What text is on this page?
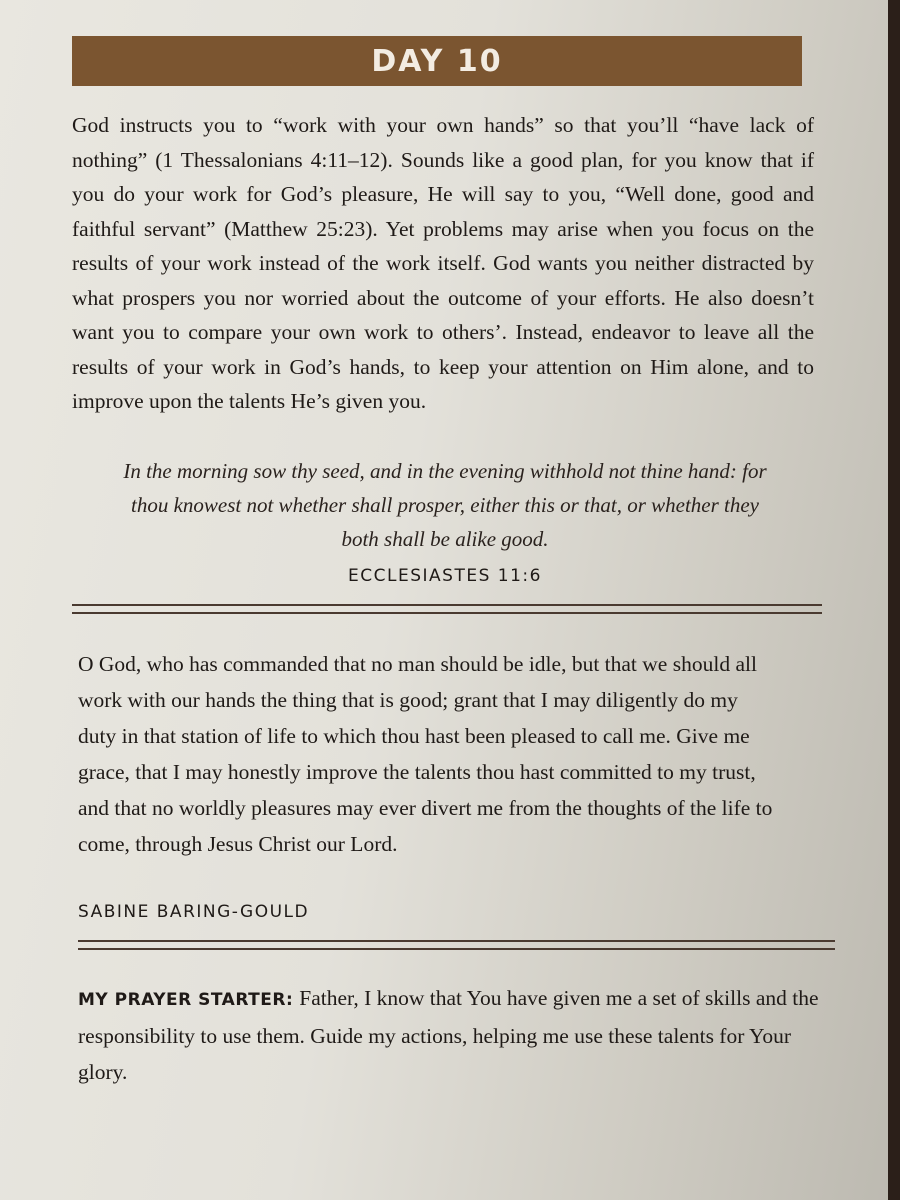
DAY 10

God instructs you to “work with your own hands” so that you’ll “have lack of nothing” (1 Thessalonians 4:11–12). Sounds like a good plan, for you know that if you do your work for God’s pleasure, He will say to you, “Well done, good and faithful servant” (Matthew 25:23). Yet problems may arise when you focus on the results of your work instead of the work itself. God wants you neither distracted by what prospers you nor worried about the outcome of your efforts. He also doesn’t want you to compare your own work to others’. Instead, endeavor to leave all the results of your work in God’s hands, to keep your attention on Him alone, and to improve upon the talents He’s given you.

In the morning sow thy seed, and in the evening withhold not thine hand: for thou knowest not whether shall prosper, either this or that, or whether they both shall be alike good.

ECCLESIASTES 11:6

O God, who has commanded that no man should be idle, but that we should all work with our hands the thing that is good; grant that I may diligently do my duty in that station of life to which thou hast been pleased to call me. Give me grace, that I may honestly improve the talents thou hast committed to my trust, and that no worldly pleasures may ever divert me from the thoughts of the life to come, through Jesus Christ our Lord.

SABINE BARING-GOULD

MY PRAYER STARTER: Father, I know that You have given me a set of skills and the responsibility to use them. Guide my actions, helping me use these talents for Your glory.
